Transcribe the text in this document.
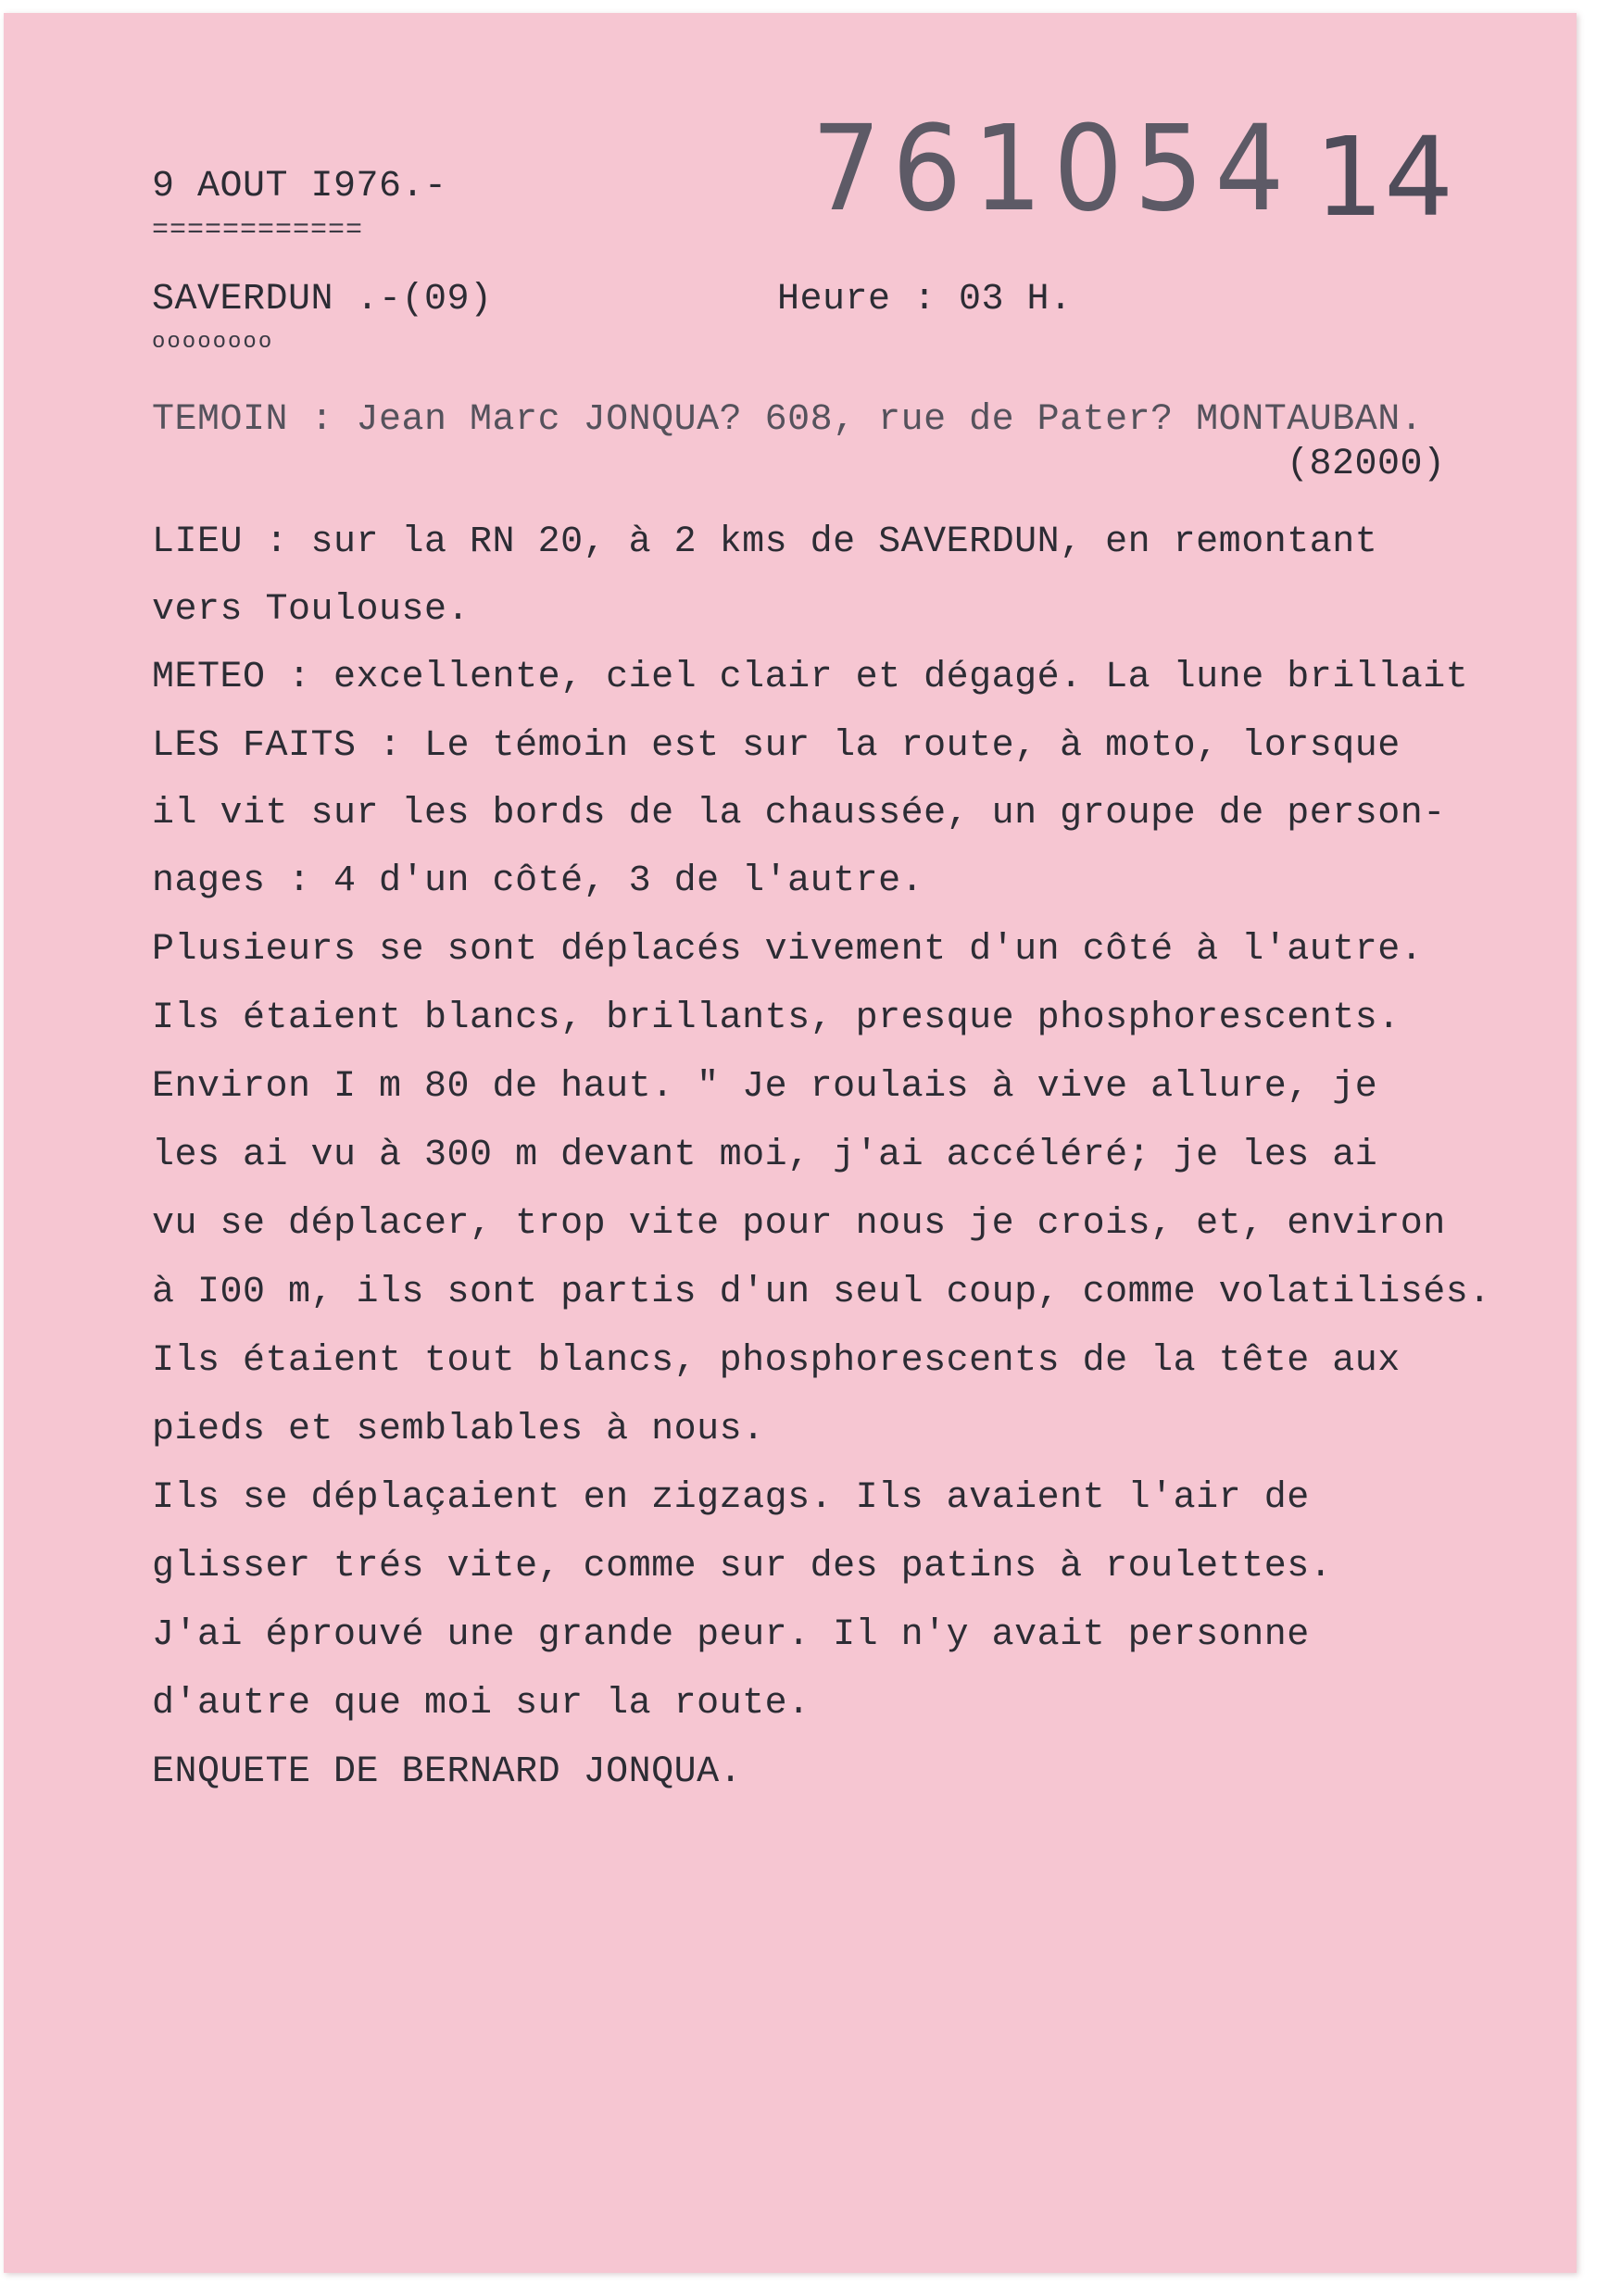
761054 14
9 AOUT I976.-
============
SAVERDUN .-(09)	Heure : 03 H.
oooooooo
TEMOIN : Jean Marc JONQUA? 608, rue de Pater? MONTAUBAN.
(82000)
LIEU : sur la RN 20, à 2 kms de SAVERDUN, en remontant
vers Toulouse.
METEO : excellente, ciel clair et dégagé. La lune brillait
LES FAITS : Le témoin est sur la route, à moto, lorsque
il vit sur les bords de la chaussée, un groupe de person-
nages : 4 d'un côté, 3 de l'autre.
Plusieurs se sont déplacés vivement d'un côté à l'autre.
Ils étaient blancs, brillants, presque phosphorescents.
Environ I m 80 de haut. " Je roulais à vive allure, je
les ai vu à 300 m devant moi, j'ai accéléré; je les ai
vu se déplacer, trop vite pour nous je crois, et, environ
à I00 m, ils sont partis d'un seul coup, comme volatilisés.
Ils étaient tout blancs, phosphorescents de la tête aux
pieds et semblables à nous.
Ils se déplaçaient en zigzags. Ils avaient l'air de
glisser trés vite, comme sur des patins à roulettes.
J'ai éprouvé une grande peur. Il n'y avait personne
d'autre que moi sur la route.
ENQUETE DE BERNARD JONQUA.
